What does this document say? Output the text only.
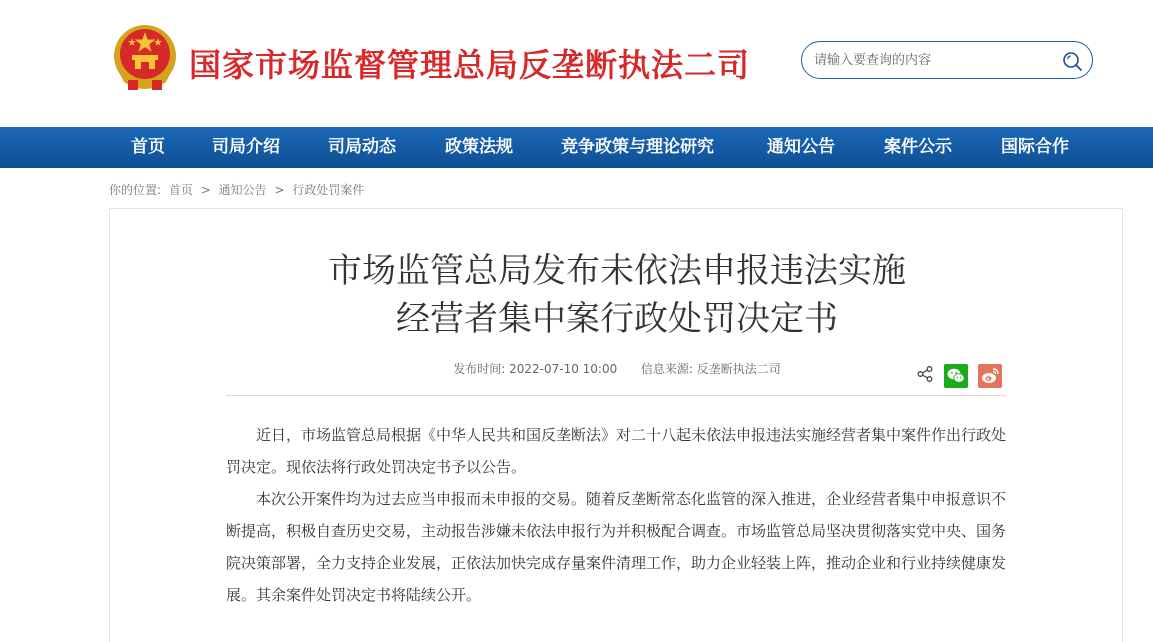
国家市场监督管理总局反垄断执法二司
请输入要查询的内容
首页	司局介绍	司局动态	政策法规	竞争政策与理论研究	通知公告	案件公示	国际合作
你的位置: 首页 > 通知公告 > 行政处罚案件
市场监管总局发布未依法申报违法实施
经营者集中案行政处罚决定书
发布时间: 2022-07-10 10:00 信息来源: 反垄断执法二司

近日，市场监管总局根据《中华人民共和国反垄断法》对二十八起未依法申报违法实施经营者集中案件作出行政处罚决定。现依法将行政处罚决定书予以公告。

本次公开案件均为过去应当申报而未申报的交易。随着反垄断常态化监管的深入推进，企业经营者集中申报意识不断提高，积极自查历史交易，主动报告涉嫌未依法申报行为并积极配合调查。市场监管总局坚决贯彻落实党中央、国务院决策部署，全力支持企业发展，正依法加快完成存量案件清理工作，助力企业轻装上阵，推动企业和行业持续健康发展。其余案件处罚决定书将陆续公开。
